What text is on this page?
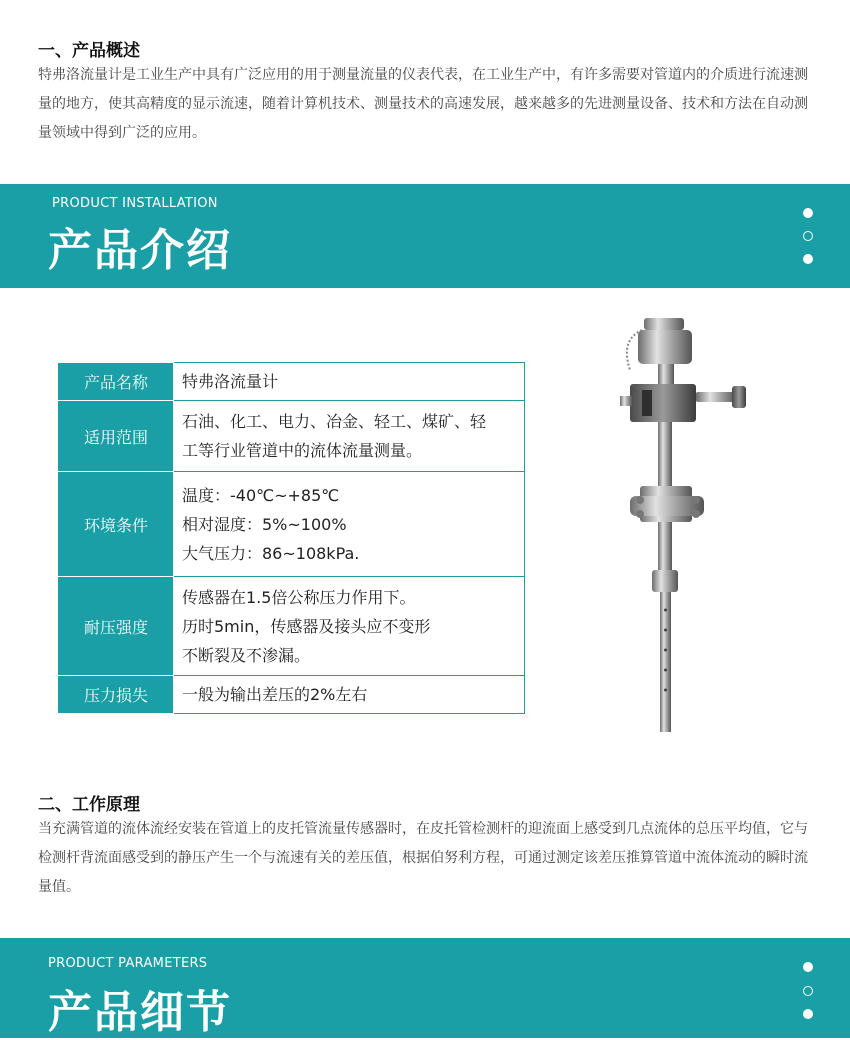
一、产品概述
特弗洛流量计是工业生产中具有广泛应用的用于测量流量的仪表代表，在工业生产中，有许多需要对管道内的介质进行流速测量的地方，使其高精度的显示流速，随着计算机技术、测量技术的高速发展，越来越多的先进测量设备、技术和方法在自动测量领域中得到广泛的应用。
PRODUCT INSTALLATION
产品介绍
产品名称	特弗洛流量计

适用范围	石油、化工、电力、冶金、轻工、煤矿、轻
工等行业管道中的流体流量测量。

环境条件	温度：-40℃~+85℃
相对湿度：5%~100%
大气压力：86~108kPa.

耐压强度	传感器在1.5倍公称压力作用下。
历时5min，传感器及接头应不变形
不断裂及不渗漏。

压力损失	一般为输出差压的2%左右
二、工作原理
当充满管道的流体流经安装在管道上的皮托管流量传感器时，在皮托管检测杆的迎流面上感受到几点流体的总压平均值，它与检测杆背流面感受到的静压产生一个与流速有关的差压值，根据伯努利方程，可通过测定该差压推算管道中流体流动的瞬时流量值。
PRODUCT PARAMETERS
产品细节
